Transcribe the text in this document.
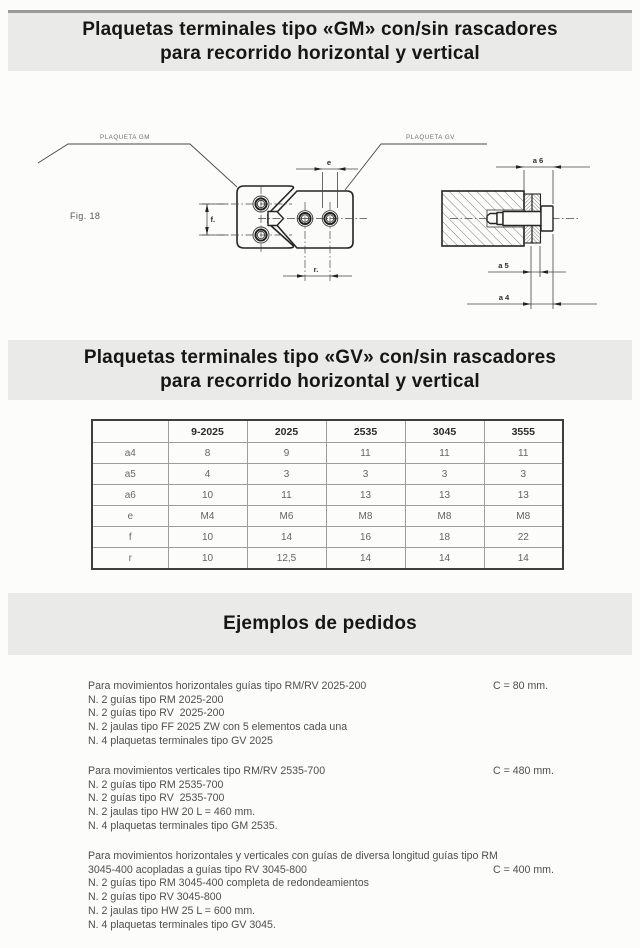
Plaquetas terminales tipo «GM» con/sin rascadores
para recorrido horizontal y vertical
PLAQUETA GM	PLAQUETA GV
Fig. 18
e
f.
r.
a 6
a 5
a 4
Plaquetas terminales tipo «GV» con/sin rascadores
para recorrido horizontal y vertical
	9-2025	2025	2535	3045	3555
a4	8	9	11	11	11
a5	4	3	3	3	3
a6	10	11	13	13	13
e	M4	M6	M8	M8	M8
f	10	14	16	18	22
r	10	12,5	14	14	14
Ejemplos de pedidos
Para movimientos horizontales guías tipo RM/RV 2025-200	C = 80 mm.
N. 2 guías tipo RM 2025-200
N. 2 guías tipo RV  2025-200
N. 2 jaulas tipo FF 2025 ZW con 5 elementos cada una
N. 4 plaquetas terminales tipo GV 2025
Para movimientos verticales tipo RM/RV 2535-700	C = 480 mm.
N. 2 guías tipo RM 2535-700
N. 2 guías tipo RV  2535-700
N. 2 jaulas tipo HW 20 L = 460 mm.
N. 4 plaquetas terminales tipo GM 2535.
Para movimientos horizontales y verticales con guías de diversa longitud guías tipo RM
3045-400 acopladas a guías tipo RV 3045-800	C = 400 mm.
N. 2 guías tipo RM 3045-400 completa de redondeamientos
N. 2 guías tipo RV 3045-800
N. 2 jaulas tipo HW 25 L = 600 mm.
N. 4 plaquetas terminales tipo GV 3045.
